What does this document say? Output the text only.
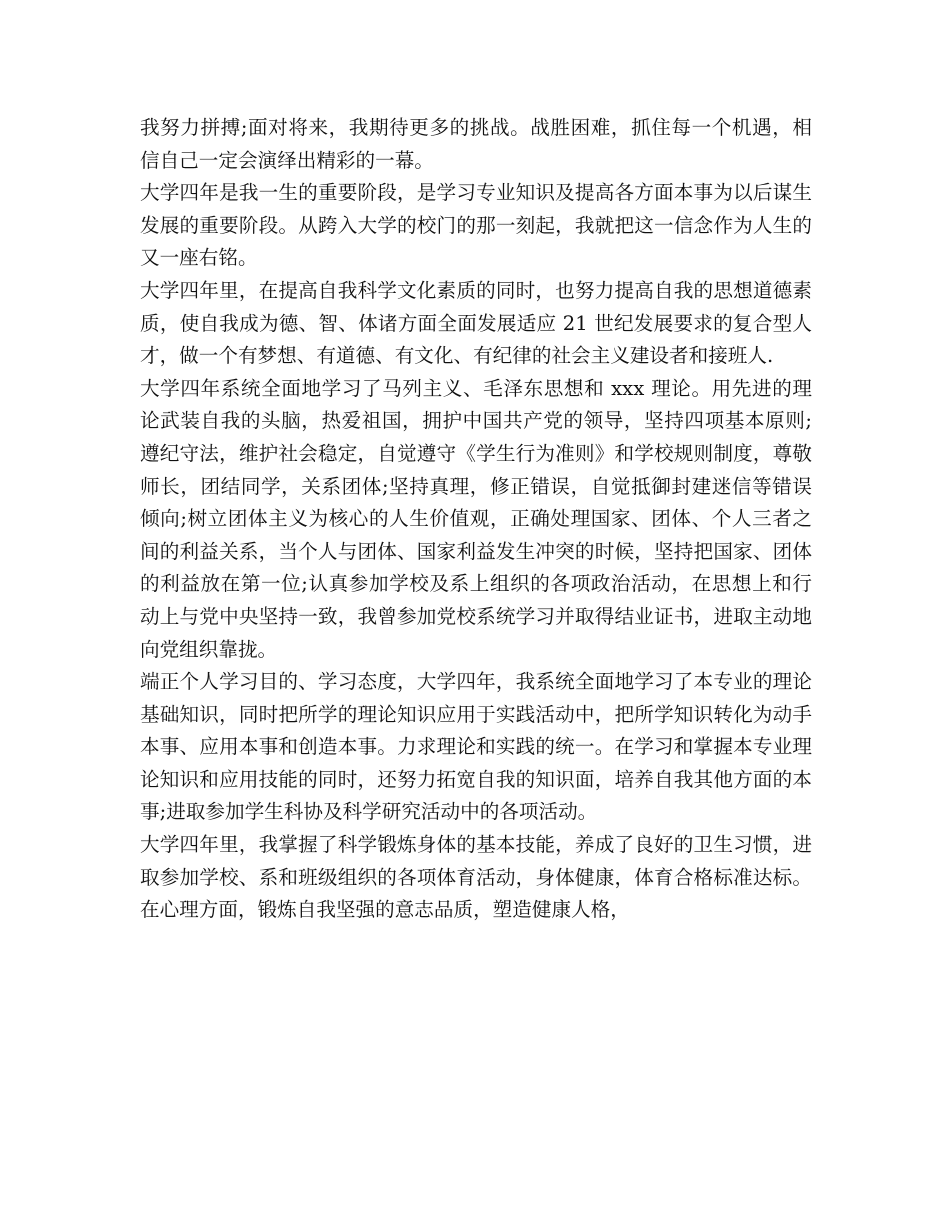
我努力拼搏;面对将来，我期待更多的挑战。战胜困难，抓住每一个机遇，相信自己一定会演绎出精彩的一幕。

大学四年是我一生的重要阶段，是学习专业知识及提高各方面本事为以后谋生发展的重要阶段。从跨入大学的校门的那一刻起，我就把这一信念作为人生的又一座右铭。

大学四年里，在提高自我科学文化素质的同时，也努力提高自我的思想道德素质，使自我成为德、智、体诸方面全面发展适应 21 世纪发展要求的复合型人才，做一个有梦想、有道德、有文化、有纪律的社会主义建设者和接班人.

大学四年系统全面地学习了马列主义、毛泽东思想和 xxx 理论。用先进的理论武装自我的头脑，热爱祖国，拥护中国共产党的领导，坚持四项基本原则;遵纪守法，维护社会稳定，自觉遵守《学生行为准则》和学校规则制度，尊敬师长，团结同学，关系团体;坚持真理，修正错误，自觉抵御封建迷信等错误倾向;树立团体主义为核心的人生价值观，正确处理国家、团体、个人三者之间的利益关系，当个人与团体、国家利益发生冲突的时候，坚持把国家、团体的利益放在第一位;认真参加学校及系上组织的各项政治活动，在思想上和行动上与党中央坚持一致，我曾参加党校系统学习并取得结业证书，进取主动地向党组织靠拢。

端正个人学习目的、学习态度，大学四年，我系统全面地学习了本专业的理论基础知识，同时把所学的理论知识应用于实践活动中，把所学知识转化为动手本事、应用本事和创造本事。力求理论和实践的统一。在学习和掌握本专业理论知识和应用技能的同时，还努力拓宽自我的知识面，培养自我其他方面的本事;进取参加学生科协及科学研究活动中的各项活动。

大学四年里，我掌握了科学锻炼身体的基本技能，养成了良好的卫生习惯，进取参加学校、系和班级组织的各项体育活动，身体健康，体育合格标准达标。在心理方面，锻炼自我坚强的意志品质，塑造健康人格，
